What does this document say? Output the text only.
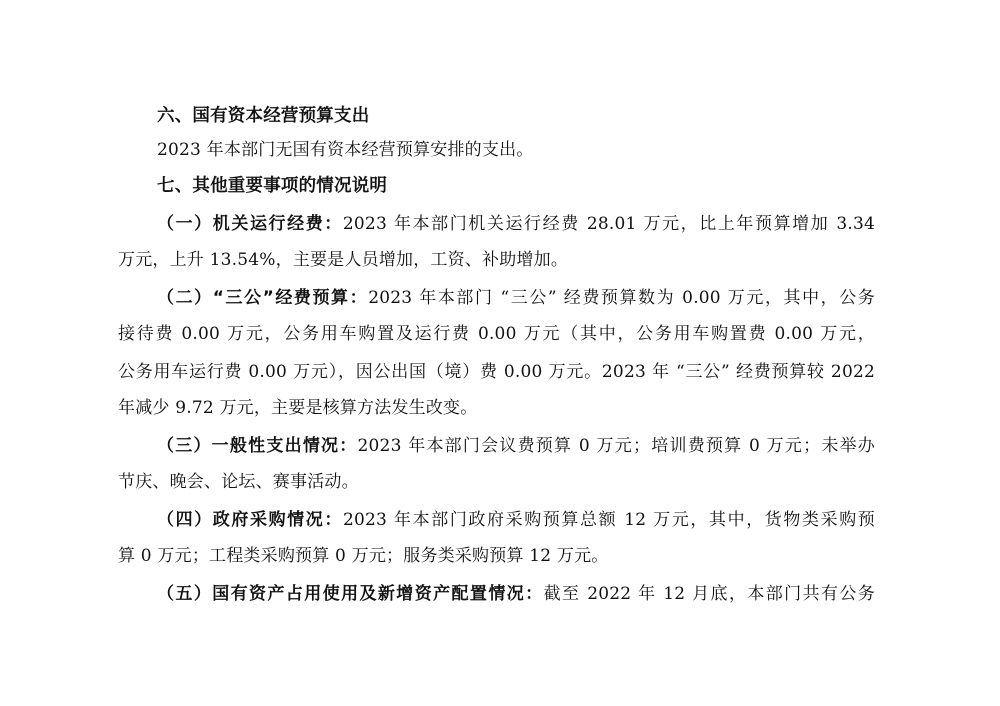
六、国有资本经营预算支出
2023 年本部门无国有资本经营预算安排的支出。
七、其他重要事项的情况说明
（一）机关运行经费：2023 年本部门机关运行经费 28.01 万元，比上年预算增加 3.34
万元，上升 13.54%，主要是人员增加，工资、补助增加。
（二）“三公”经费预算：2023 年本部门 “三公” 经费预算数为 0.00 万元，其中，公务
接待费 0.00 万元，公务用车购置及运行费 0.00 万元（其中，公务用车购置费 0.00 万元，
公务用车运行费 0.00 万元），因公出国（境）费 0.00 万元。2023 年 “三公” 经费预算较 2022
年减少 9.72 万元，主要是核算方法发生改变。
（三）一般性支出情况：2023 年本部门会议费预算 0 万元；培训费预算 0 万元；未举办
节庆、晚会、论坛、赛事活动。
（四）政府采购情况：2023 年本部门政府采购预算总额 12 万元，其中，货物类采购预
算 0 万元；工程类采购预算 0 万元；服务类采购预算 12 万元。
（五）国有资产占用使用及新增资产配置情况：截至 2022 年 12 月底，本部门共有公务
